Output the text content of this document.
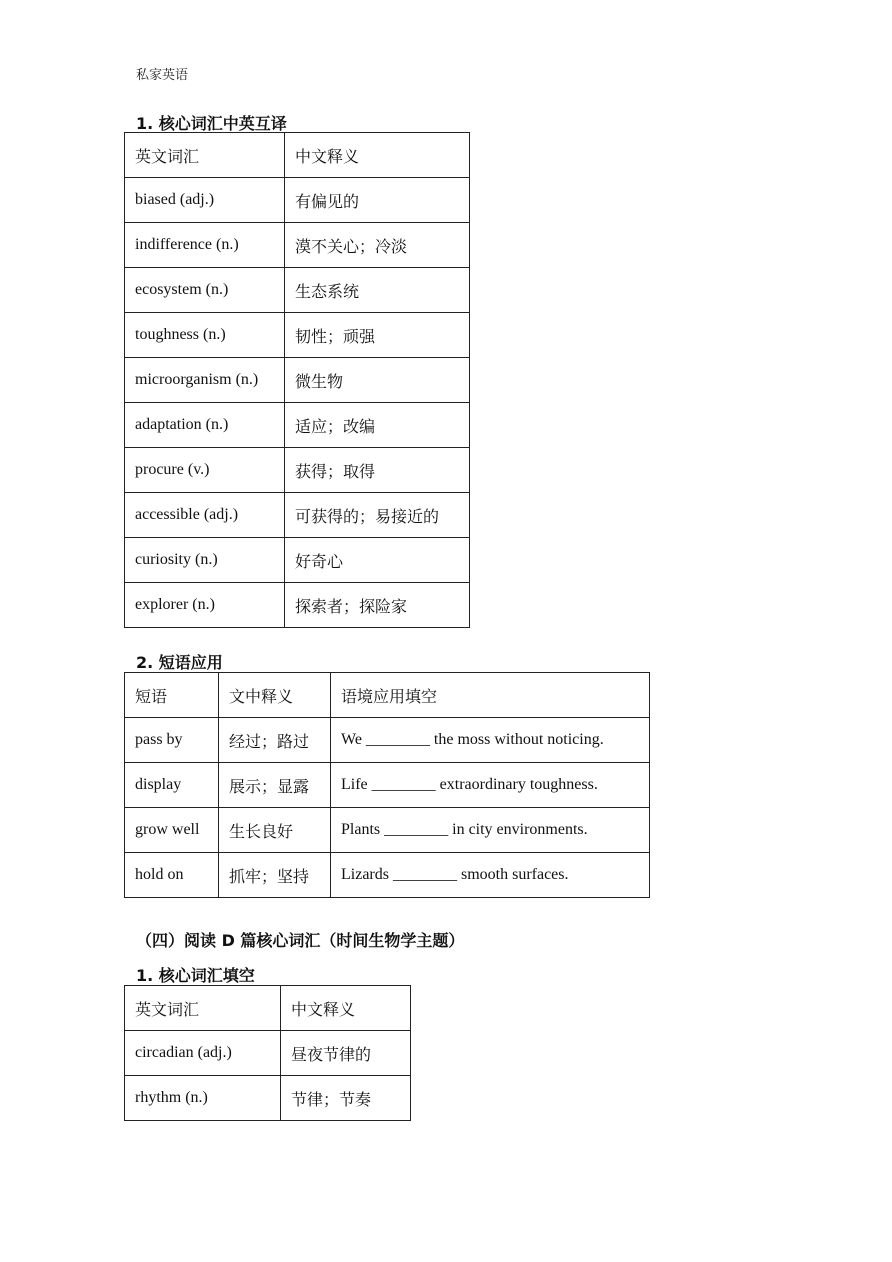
私家英语
1. 核心词汇中英互译
英文词汇	中文释义
biased (adj.)	有偏见的
indifference (n.)	漠不关心；冷淡
ecosystem (n.)	生态系统
toughness (n.)	韧性；顽强
microorganism (n.)	微生物
adaptation (n.)	适应；改编
procure (v.)	获得；取得
accessible (adj.)	可获得的；易接近的
curiosity (n.)	好奇心
explorer (n.)	探索者；探险家
2. 短语应用
短语	文中释义	语境应用填空
pass by	经过；路过	We ________ the moss without noticing.
display	展示；显露	Life ________ extraordinary toughness.
grow well	生长良好	Plants ________ in city environments.
hold on	抓牢；坚持	Lizards ________ smooth surfaces.
（四）阅读 D 篇核心词汇（时间生物学主题）
1. 核心词汇填空
英文词汇	中文释义
circadian (adj.)	昼夜节律的
rhythm (n.)	节律；节奏
